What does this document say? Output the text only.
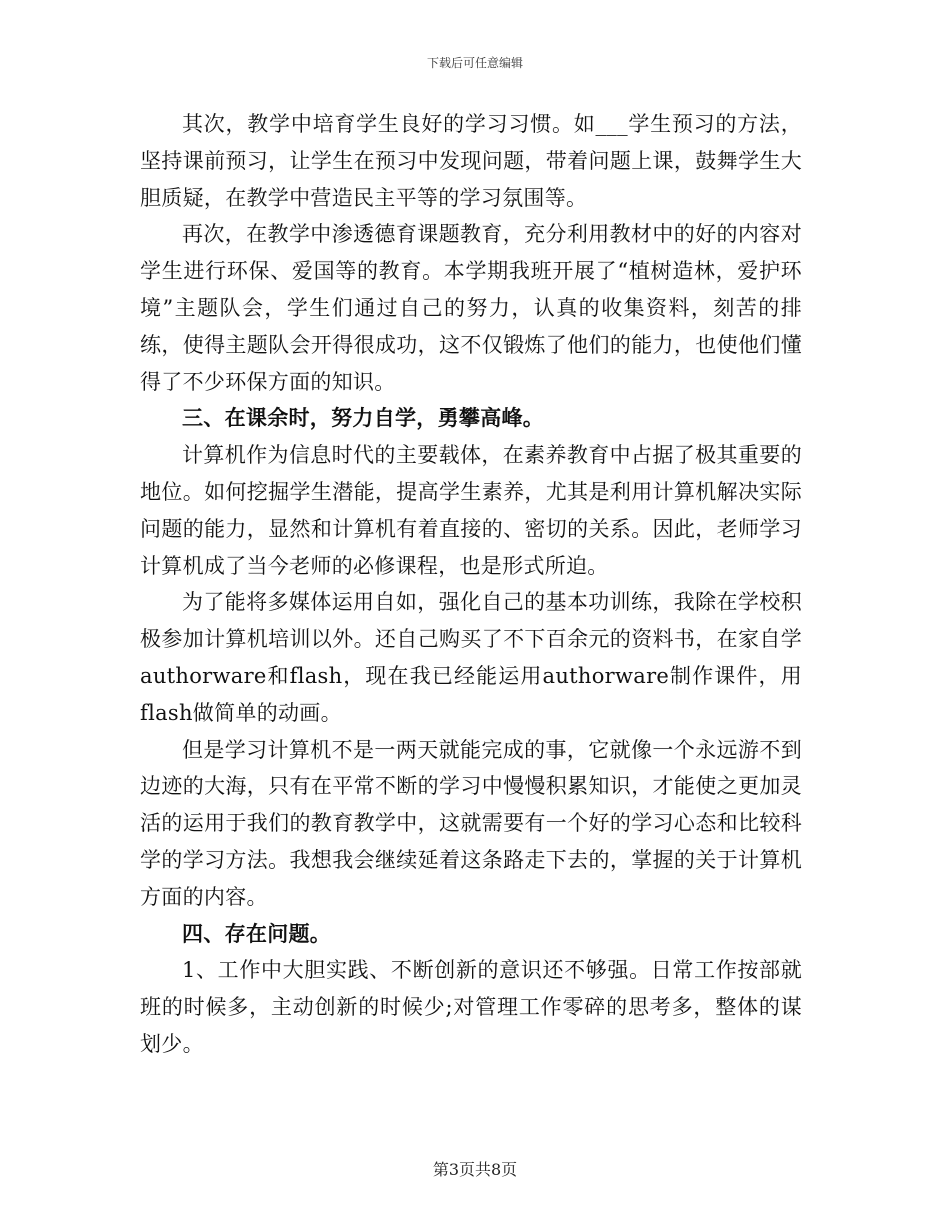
下载后可任意编辑

其次，教学中培育学生良好的学习习惯。如___学生预习的方法，坚持课前预习，让学生在预习中发现问题，带着问题上课，鼓舞学生大胆质疑，在教学中营造民主平等的学习氛围等。

再次，在教学中渗透德育课题教育，充分利用教材中的好的内容对学生进行环保、爱国等的教育。本学期我班开展了“植树造林，爱护环境”主题队会，学生们通过自己的努力，认真的收集资料，刻苦的排练，使得主题队会开得很成功，这不仅锻炼了他们的能力，也使他们懂得了不少环保方面的知识。

三、在课余时，努力自学，勇攀高峰。

计算机作为信息时代的主要载体，在素养教育中占据了极其重要的地位。如何挖掘学生潜能，提高学生素养，尤其是利用计算机解决实际问题的能力，显然和计算机有着直接的、密切的关系。因此，老师学习计算机成了当今老师的必修课程，也是形式所迫。

为了能将多媒体运用自如，强化自己的基本功训练，我除在学校积极参加计算机培训以外。还自己购买了不下百余元的资料书，在家自学authorware和flash，现在我已经能运用authorware制作课件，用flash做简单的动画。

但是学习计算机不是一两天就能完成的事，它就像一个永远游不到边迹的大海，只有在平常不断的学习中慢慢积累知识，才能使之更加灵活的运用于我们的教育教学中，这就需要有一个好的学习心态和比较科学的学习方法。我想我会继续延着这条路走下去的，掌握的关于计算机方面的内容。

四、存在问题。

1、工作中大胆实践、不断创新的意识还不够强。日常工作按部就班的时候多，主动创新的时候少;对管理工作零碎的思考多，整体的谋划少。

第3页共8页
